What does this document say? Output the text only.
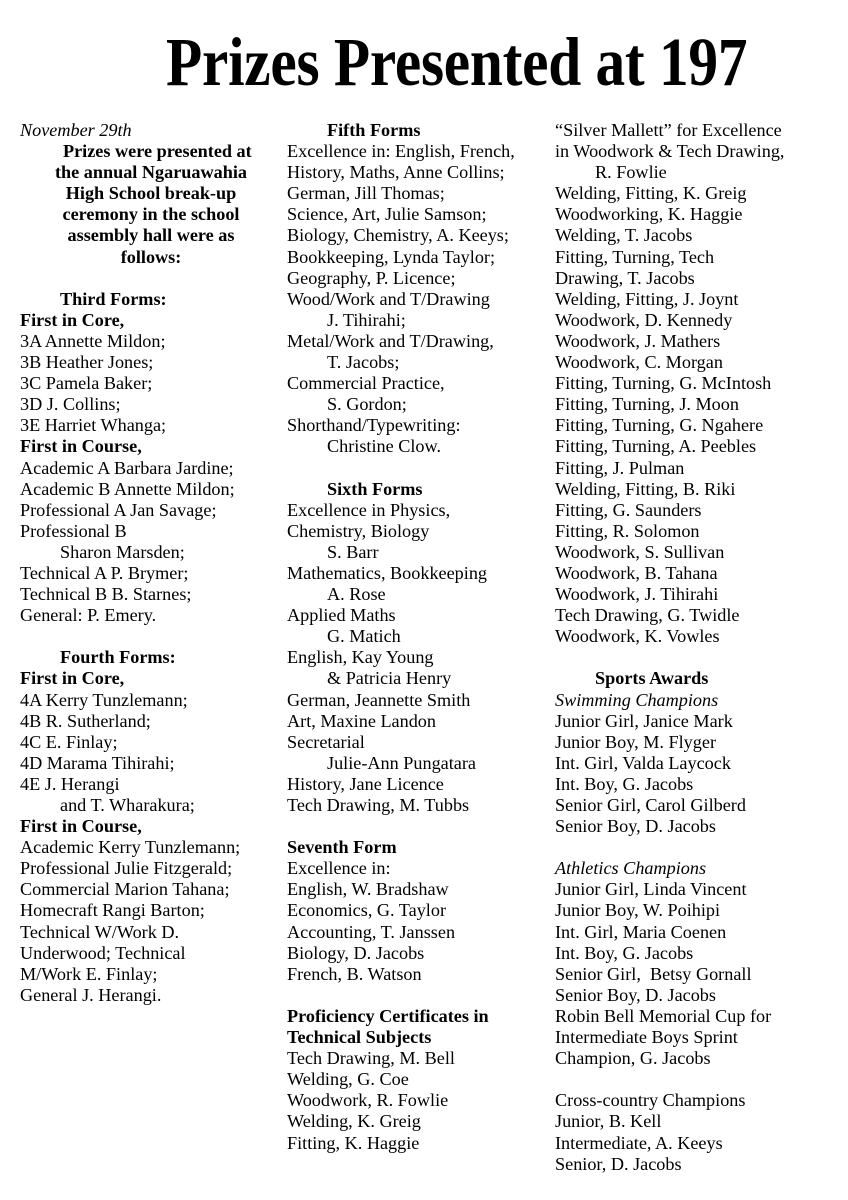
Prizes Presented at 197
November 29th
Prizes were presented at
the annual Ngaruawahia
High School break-up
ceremony in the school
assembly hall were as
follows:
Third Forms:
First in Core,
3A Annette Mildon;
3B Heather Jones;
3C Pamela Baker;
3D J. Collins;
3E Harriet Whanga;
First in Course,
Academic A Barbara Jardine;
Academic B Annette Mildon;
Professional A Jan Savage;
Professional B
Sharon Marsden;
Technical A P. Brymer;
Technical B B. Starnes;
General: P. Emery.
Fourth Forms:
First in Core,
4A Kerry Tunzlemann;
4B R. Sutherland;
4C E. Finlay;
4D Marama Tihirahi;
4E J. Herangi
and T. Wharakura;
First in Course,
Academic Kerry Tunzlemann;
Professional Julie Fitzgerald;
Commercial Marion Tahana;
Homecraft Rangi Barton;
Technical W/Work D.
Underwood; Technical
M/Work E. Finlay;
General J. Herangi.
Fifth Forms
Excellence in: English, French,
History, Maths, Anne Collins;
German, Jill Thomas;
Science, Art, Julie Samson;
Biology, Chemistry, A. Keeys;
Bookkeeping, Lynda Taylor;
Geography, P. Licence;
Wood/Work and T/Drawing
J. Tihirahi;
Metal/Work and T/Drawing,
T. Jacobs;
Commercial Practice,
S. Gordon;
Shorthand/Typewriting:
Christine Clow.
Sixth Forms
Excellence in Physics,
Chemistry, Biology
S. Barr
Mathematics, Bookkeeping
A. Rose
Applied Maths
G. Matich
English, Kay Young
& Patricia Henry
German, Jeannette Smith
Art, Maxine Landon
Secretarial
Julie-Ann Pungatara
History, Jane Licence
Tech Drawing, M. Tubbs
Seventh Form
Excellence in:
English, W. Bradshaw
Economics, G. Taylor
Accounting, T. Janssen
Biology, D. Jacobs
French, B. Watson
Proficiency Certificates in
Technical Subjects
Tech Drawing, M. Bell
Welding, G. Coe
Woodwork, R. Fowlie
Welding, K. Greig
Fitting, K. Haggie
“Silver Mallett” for Excellence
in Woodwork & Tech Drawing,
R. Fowlie
Welding, Fitting, K. Greig
Woodworking, K. Haggie
Welding, T. Jacobs
Fitting, Turning, Tech
Drawing, T. Jacobs
Welding, Fitting, J. Joynt
Woodwork, D. Kennedy
Woodwork, J. Mathers
Woodwork, C. Morgan
Fitting, Turning, G. McIntosh
Fitting, Turning, J. Moon
Fitting, Turning, G. Ngahere
Fitting, Turning, A. Peebles
Fitting, J. Pulman
Welding, Fitting, B. Riki
Fitting, G. Saunders
Fitting, R. Solomon
Woodwork, S. Sullivan
Woodwork, B. Tahana
Woodwork, J. Tihirahi
Tech Drawing, G. Twidle
Woodwork, K. Vowles
Sports Awards
Swimming Champions
Junior Girl, Janice Mark
Junior Boy, M. Flyger
Int. Girl, Valda Laycock
Int. Boy, G. Jacobs
Senior Girl, Carol Gilberd
Senior Boy, D. Jacobs
Athletics Champions
Junior Girl, Linda Vincent
Junior Boy, W. Poihipi
Int. Girl, Maria Coenen
Int. Boy, G. Jacobs
Senior Girl,  Betsy Gornall
Senior Boy, D. Jacobs
Robin Bell Memorial Cup for
Intermediate Boys Sprint
Champion, G. Jacobs
Cross-country Champions
Junior, B. Kell
Intermediate, A. Keeys
Senior, D. Jacobs
